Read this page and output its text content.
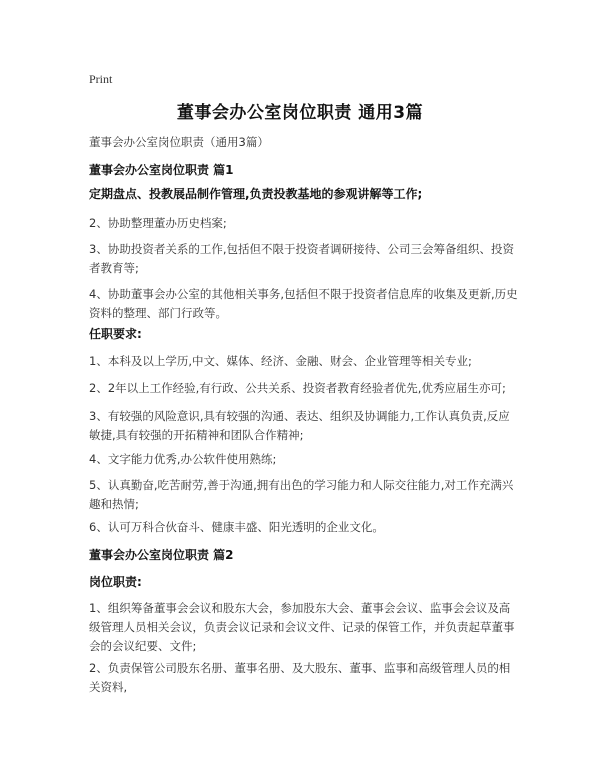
Print
董事会办公室岗位职责 通用3篇
董事会办公室岗位职责（通用3篇）
董事会办公室岗位职责 篇1
定期盘点、投教展品制作管理,负责投教基地的参观讲解等工作;
2、协助整理董办历史档案;
3、协助投资者关系的工作,包括但不限于投资者调研接待、公司三会筹备组织、投资者教育等;
4、协助董事会办公室的其他相关事务,包括但不限于投资者信息库的收集及更新,历史资料的整理、部门行政等。
任职要求:
1、本科及以上学历,中文、媒体、经济、金融、财会、企业管理等相关专业;
2、2年以上工作经验,有行政、公共关系、投资者教育经验者优先,优秀应届生亦可;
3、有较强的风险意识,具有较强的沟通、表达、组织及协调能力,工作认真负责,反应敏捷,具有较强的开拓精神和团队合作精神;
4、文字能力优秀,办公软件使用熟练;
5、认真勤奋,吃苦耐劳,善于沟通,拥有出色的学习能力和人际交往能力,对工作充满兴趣和热情;
6、认可万科合伙奋斗、健康丰盛、阳光透明的企业文化。
董事会办公室岗位职责 篇2
岗位职责:
1、组织筹备董事会会议和股东大会，参加股东大会、董事会会议、监事会会议及高级管理人员相关会议，负责会议记录和会议文件、记录的保管工作，并负责起草董事会的会议纪要、文件;
2、负责保管公司股东名册、董事名册、及大股东、董事、监事和高级管理人员的相关资料,
